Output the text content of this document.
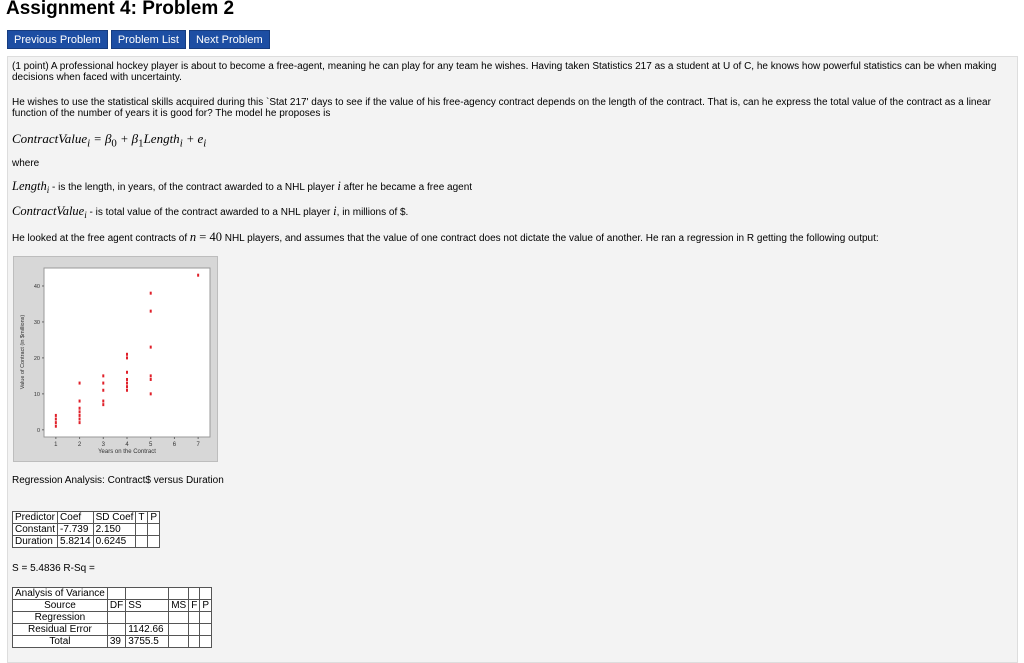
Assignment 4: Problem 2
Previous Problem	Problem List	Next Problem
(1 point) A professional hockey player is about to become a free-agent, meaning he can play for any team he wishes. Having taken Statistics 217 as a student at U of C, he knows how powerful statistics can be when making decisions when faced with uncertainty.
He wishes to use the statistical skills acquired during this `Stat 217' days to see if the value of his free-agency contract depends on the length of the contract. That is, can he express the total value of the contract as a linear function of the number of years it is good for? The model he proposes is
ContractValue$_i$ = $\beta_0$ + $\beta_1Length_i + e_i$
where
Length$_i$ - is the length, in years, of the contract awarded to a NHL player i after he became a free agent
ContractValue$_i$ - is total value of the contract awarded to a NHL player i, in millions of $.
He looked at the free agent contracts of n = 40 NHL players, and assumes that the value of one contract does not dictate the value of another. He ran a regression in R getting the following output:
1	2	3	4	5	6	7
0
10
20
30
40
Years on the Contract
Value of Contract (in $millions)
Regression Analysis: Contract$ versus Duration
Predictor	Coef	SD Coef	T	P
Constant	-7.739	2.150		
Duration	5.8214	0.6245		
S = 5.4836 R-Sq =
Analysis of Variance					
Source	DF	SS	MS	F	P
Regression					
Residual Error		1142.66			
Total	39	3755.5			
